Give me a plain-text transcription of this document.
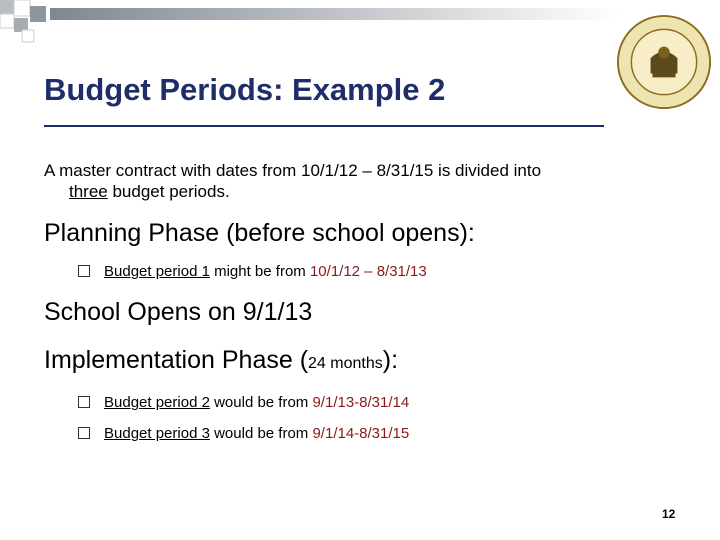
Budget Periods: Example 2
A master contract with dates from 10/1/12 – 8/31/15 is divided into
three budget periods.
Planning Phase (before school opens):
Budget period 1 might be from 10/1/12 – 8/31/13
School Opens on 9/1/13
Implementation Phase (24 months):
Budget period 2 would be from 9/1/13-8/31/14
Budget period 3 would be from 9/1/14-8/31/15
12
